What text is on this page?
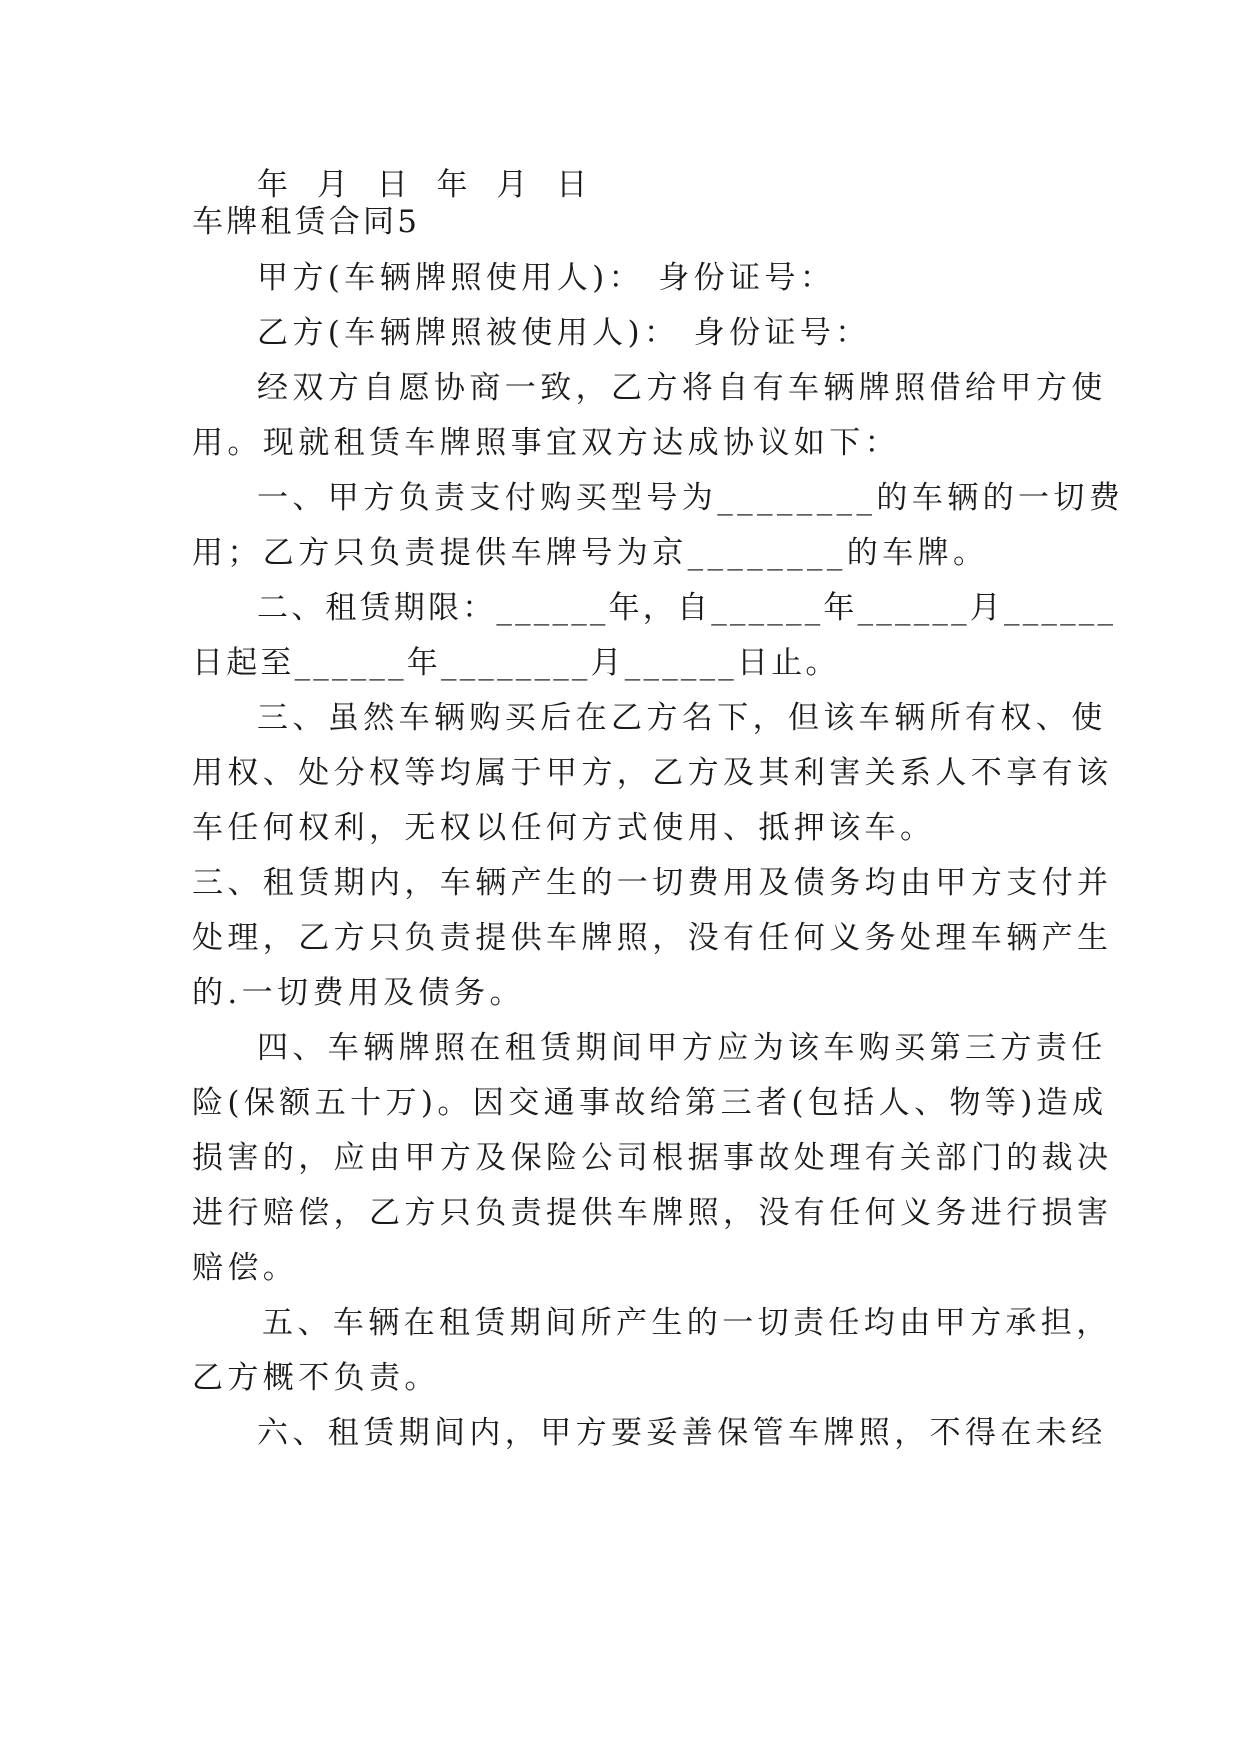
年 月 日 年 月 日
车牌租赁合同5
甲方(车辆牌照使用人)： 身份证号：
乙方(车辆牌照被使用人)： 身份证号：
经双方自愿协商一致，乙方将自有车辆牌照借给甲方使
用。现就租赁车牌照事宜双方达成协议如下：
一、甲方负责支付购买型号为________的车辆的一切费
用；乙方只负责提供车牌号为京________的车牌。
二、租赁期限：______年，自______年______月______
日起至______年________月______日止。
三、虽然车辆购买后在乙方名下，但该车辆所有权、使
用权、处分权等均属于甲方，乙方及其利害关系人不享有该
车任何权利，无权以任何方式使用、抵押该车。
三、租赁期内，车辆产生的一切费用及债务均由甲方支付并
处理，乙方只负责提供车牌照，没有任何义务处理车辆产生
的.一切费用及债务。
四、车辆牌照在租赁期间甲方应为该车购买第三方责任
险(保额五十万)。因交通事故给第三者(包括人、物等)造成
损害的，应由甲方及保险公司根据事故处理有关部门的裁决
进行赔偿，乙方只负责提供车牌照，没有任何义务进行损害
赔偿。
五、车辆在租赁期间所产生的一切责任均由甲方承担，
乙方概不负责。
六、租赁期间内，甲方要妥善保管车牌照，不得在未经
